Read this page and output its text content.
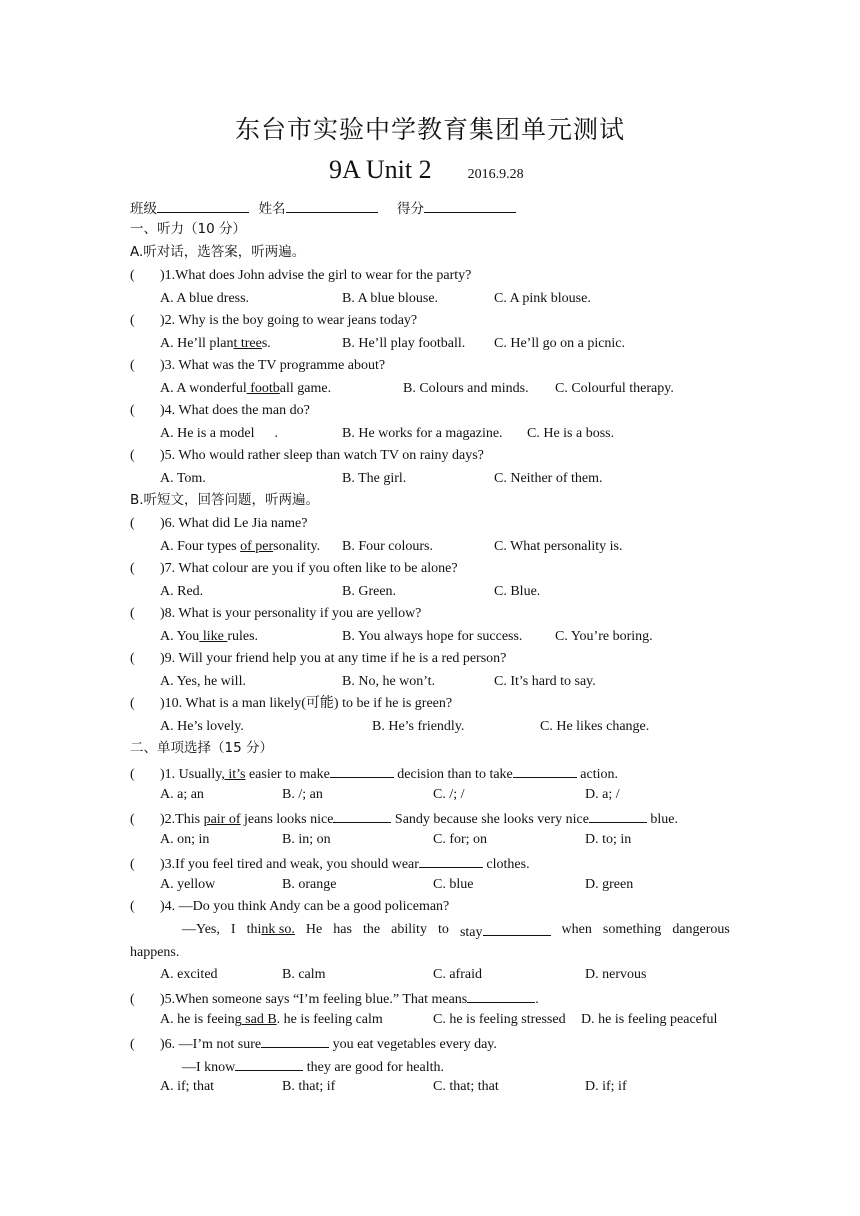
东台市实验中学教育集团单元测试
9A Unit 2	2016.9.28
班级	姓名	得分
一、听力（10 分）
A.听对话，选答案，听两遍。
( )1.What does John advise the girl to wear for the party?
A. A blue dress.	B. A blue blouse.	C. A pink blouse.
( )2. Why is the boy going to wear jeans today?
A. He’ll plant trees.	B. He’ll play football. C. He’ll go on a picnic.
( )3. What was the TV programme about?
A. A wonderful football game.	B. Colours and minds. C. Colourful therapy.
( )4. What does the man do?
A. He is a model .	B. He works for a magazine. C. He is a boss.
( )5. Who would rather sleep than watch TV on rainy days?
A. Tom.	B. The girl.	C. Neither of them.
B.听短文，回答问题，听两遍。
( )6. What did Le Jia name?
A. Four types of personality. B. Four colours.	C. What personality is.
( )7. What colour are you if you often like to be alone?
A. Red.	B. Green.	C. Blue.
( )8. What is your personality if you are yellow?
A. You like rules.	B. You always hope for success. C. You’re boring.
( )9. Will your friend help you at any time if he is a red person?
A. Yes, he will.	B. No, he won’t.	C. It’s hard to say.
( )10. What is a man likely(可能) to be if he is green?
A. He’s lovely.	B. He’s friendly.	C. He likes change.
二、单项选择（15 分）
( )1. Usually, it’s easier to make	decision than to take	action.
A. a; an	B. /; an	C. /; /	D. a; /
( )2.This pair of jeans looks nice	Sandy because she looks very nice	blue.
A. on; in	B. in; on	C. for; on	D. to; in
( )3.If you feel tired and weak, you should wear	clothes.
A. yellow	B. orange	C. blue	D. green
( )4. —Do you think Andy can be a good policeman?
—Yes, I think so. He has the ability to stay	when something dangerous
happens.
A. excited	B. calm	C. afraid	D. nervous
( )5.When someone says “I’m feeling blue.” That means	.
A. he is feeing sad B. he is feeling calm	C. he is feeling stressed D. he is feeling peaceful
( )6. —I’m not sure	you eat vegetables every day.
—I know	they are good for health.
A. if; that	B. that; if	C. that; that	D. if; if
